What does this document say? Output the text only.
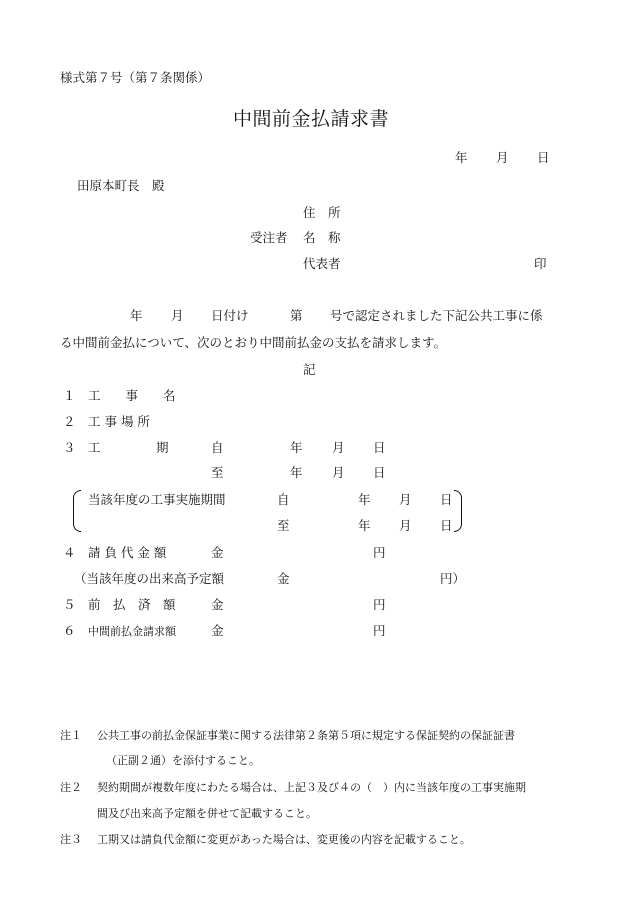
様式第７号（第７条関係）
中間前金払請求書
年 月 日
田原本町長　殿
住　所
受注者 名　称
代表者	印
年 月 日付け	第 号で認定されました下記公共工事に係
る中間前金払について、次のとおり中間前払金の支払を請求します。
記
１ 工　　事　　名
２ 工 事 場 所
３ 工	期	自	年 月 日
至	年 月 日
当該年度の工事実施期間	自	年 月 日
至	年 月 日
４ 請 負 代 金 額	金	円
（当該年度の出来高予定額	金	円）
５ 前　払　済　額	金	円
６ 中間前払金請求額	金	円
注１ 公共工事の前払金保証事業に関する法律第２条第５項に規定する保証契約の保証証書
（正副２通）を添付すること。
注２ 契約期間が複数年度にわたる場合は、上記３及び４の（　）内に当該年度の工事実施期
間及び出来高予定額を併せて記載すること。
注３ 工期又は請負代金額に変更があった場合は、変更後の内容を記載すること。
